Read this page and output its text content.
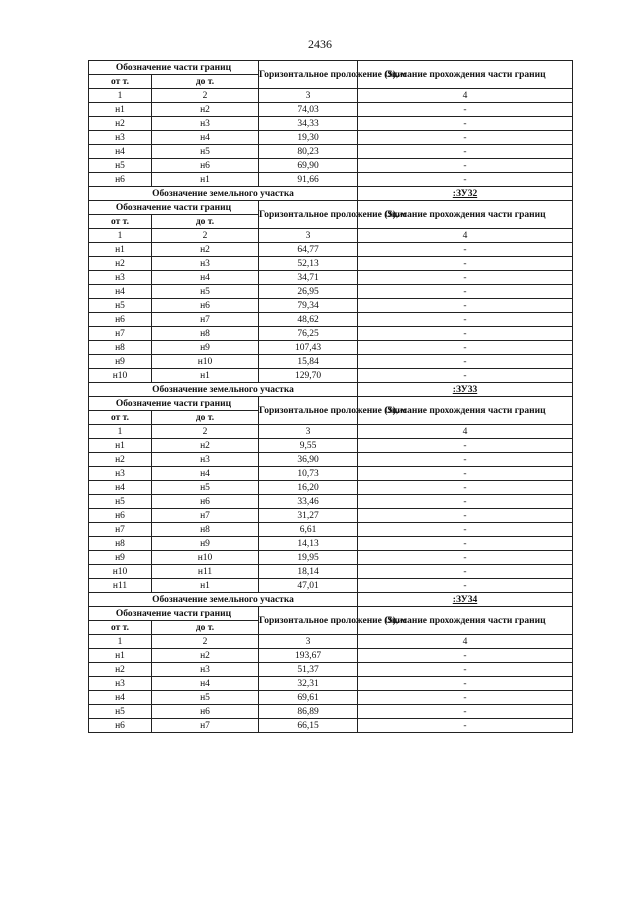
2436
Обозначение части границ		Горизонтальное проложение (S), м	Описание прохождения части границ
от т.	до т.		
1	2	3	4
н1	н2	74,03	-
н2	н3	34,33	-
н3	н4	19,30	-
н4	н5	80,23	-
н5	н6	69,90	-
н6	н1	91,66	-
Обозначение земельного участка			:ЗУ32
Обозначение части границ		Горизонтальное проложение (S), м	Описание прохождения части границ
от т.	до т.		
1	2	3	4
н1	н2	64,77	-
н2	н3	52,13	-
н3	н4	34,71	-
н4	н5	26,95	-
н5	н6	79,34	-
н6	н7	48,62	-
н7	н8	76,25	-
н8	н9	107,43	-
н9	н10	15,84	-
н10	н1	129,70	-
Обозначение земельного участка			:ЗУ33
Обозначение части границ		Горизонтальное проложение (S), м	Описание прохождения части границ
от т.	до т.		
1	2	3	4
н1	н2	9,55	-
н2	н3	36,90	-
н3	н4	10,73	-
н4	н5	16,20	-
н5	н6	33,46	-
н6	н7	31,27	-
н7	н8	6,61	-
н8	н9	14,13	-
н9	н10	19,95	-
н10	н11	18,14	-
н11	н1	47,01	-
Обозначение земельного участка			:ЗУ34
Обозначение части границ		Горизонтальное проложение (S), м	Описание прохождения части границ
от т.	до т.		
1	2	3	4
н1	н2	193,67	-
н2	н3	51,37	-
н3	н4	32,31	-
н4	н5	69,61	-
н5	н6	86,89	-
н6	н7	66,15	-
